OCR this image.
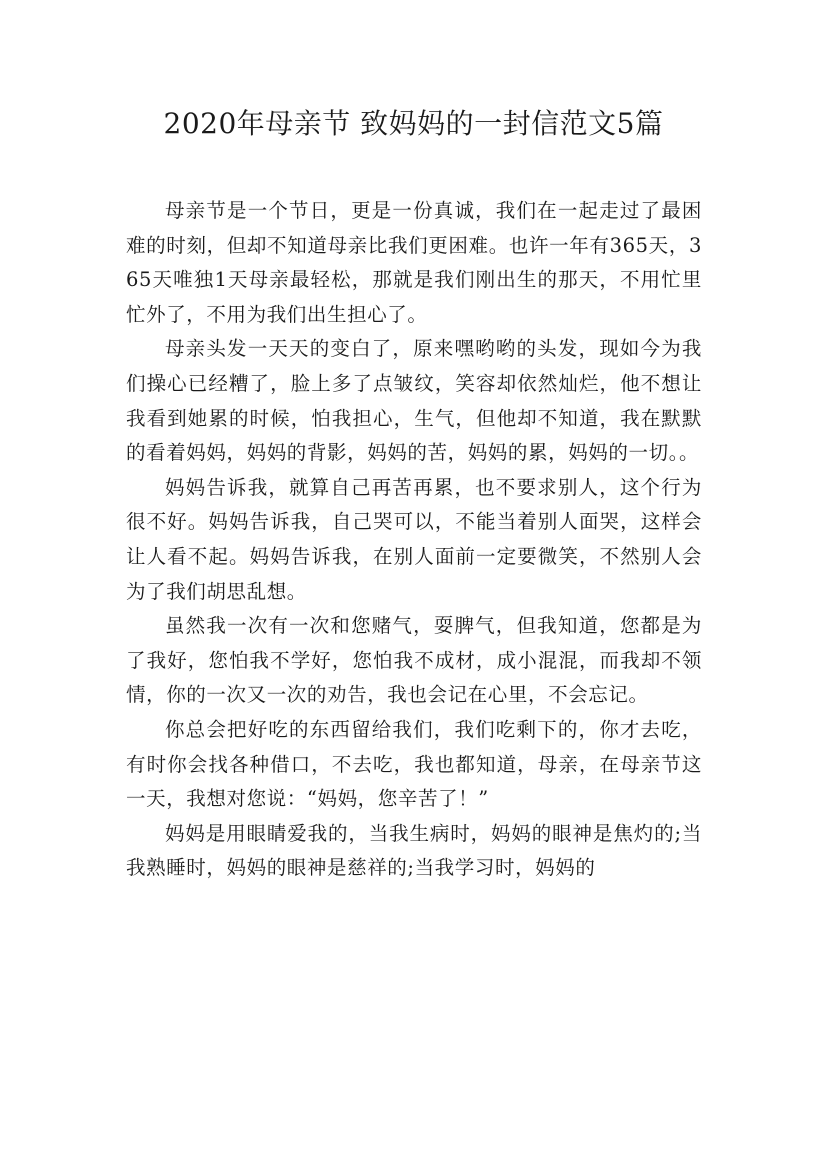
2020年母亲节 致妈妈的一封信范文5篇

母亲节是一个节日，更是一份真诚，我们在一起走过了最困难的时刻，但却不知道母亲比我们更困难。也许一年有365天，365天唯独1天母亲最轻松，那就是我们刚出生的那天，不用忙里忙外了，不用为我们出生担心了。

母亲头发一天天的变白了，原来嘿哟哟的头发，现如今为我们操心已经糟了，脸上多了点皱纹，笑容却依然灿烂，他不想让我看到她累的时候，怕我担心，生气，但他却不知道，我在默默的看着妈妈，妈妈的背影，妈妈的苦，妈妈的累，妈妈的一切。。

妈妈告诉我，就算自己再苦再累，也不要求别人，这个行为很不好。妈妈告诉我，自己哭可以，不能当着别人面哭，这样会让人看不起。妈妈告诉我，在别人面前一定要微笑，不然别人会为了我们胡思乱想。

虽然我一次有一次和您赌气，耍脾气，但我知道，您都是为了我好，您怕我不学好，您怕我不成材，成小混混，而我却不领情，你的一次又一次的劝告，我也会记在心里，不会忘记。

你总会把好吃的东西留给我们，我们吃剩下的，你才去吃，有时你会找各种借口，不去吃，我也都知道，母亲，在母亲节这一天，我想对您说：“妈妈，您辛苦了！”

妈妈是用眼睛爱我的，当我生病时，妈妈的眼神是焦灼的;当我熟睡时，妈妈的眼神是慈祥的;当我学习时，妈妈的
